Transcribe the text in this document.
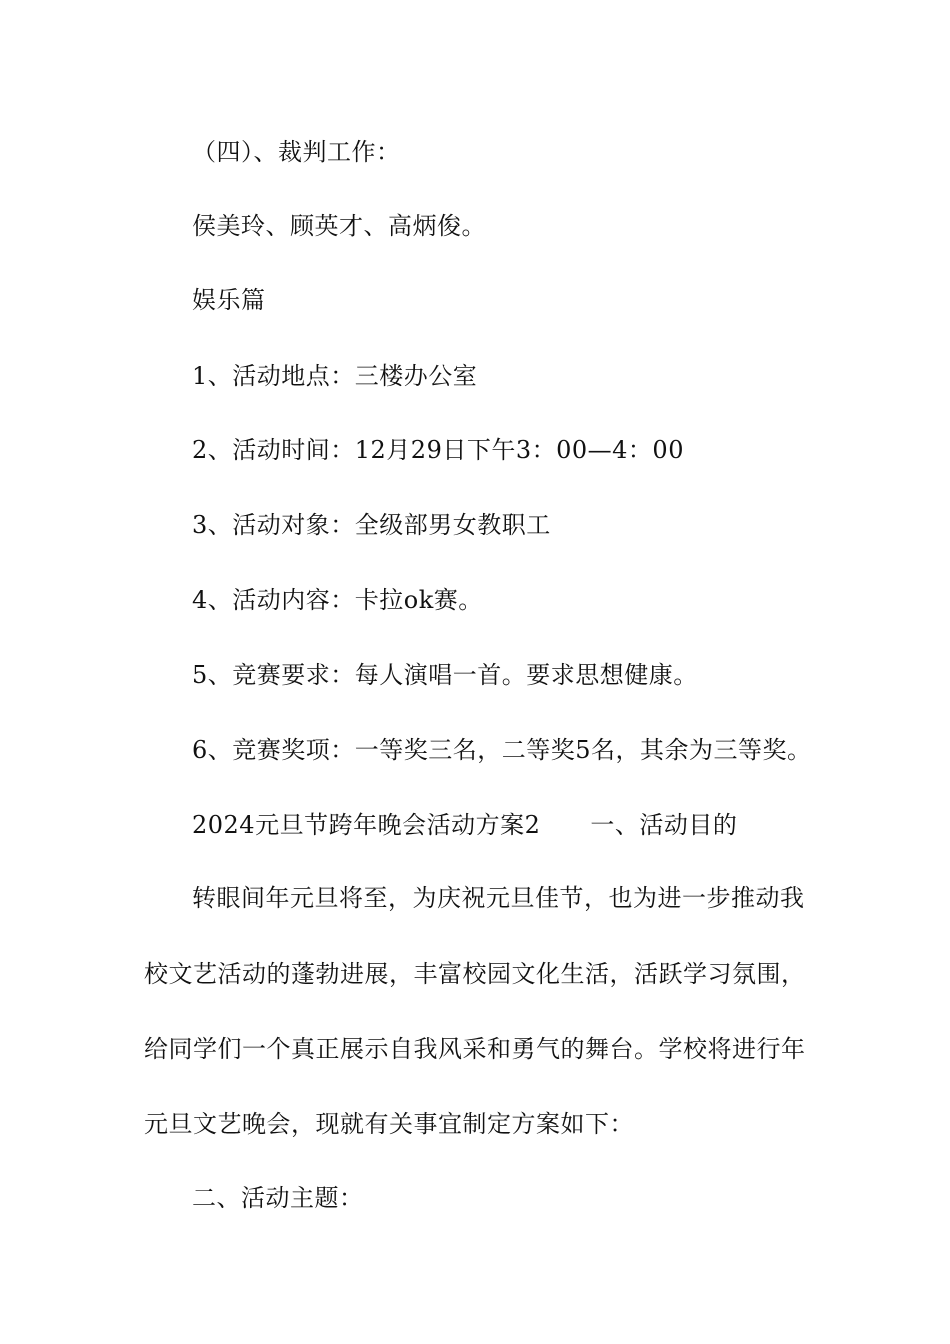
（四）、裁判工作：
侯美玲、顾英才、高炳俊。
娱乐篇
1、活动地点：三楼办公室
2、活动时间：12月29日下午3：00—4：00
3、活动对象：全级部男女教职工
4、活动内容：卡拉ok赛。
5、竞赛要求：每人演唱一首。要求思想健康。
6、竞赛奖项：一等奖三名，二等奖5名，其余为三等奖。
2024元旦节跨年晚会活动方案2 一、活动目的
转眼间年元旦将至，为庆祝元旦佳节，也为进一步推动我
校文艺活动的蓬勃进展，丰富校园文化生活，活跃学习氛围，
给同学们一个真正展示自我风采和勇气的舞台。学校将进行年
元旦文艺晚会，现就有关事宜制定方案如下：
二、活动主题：
